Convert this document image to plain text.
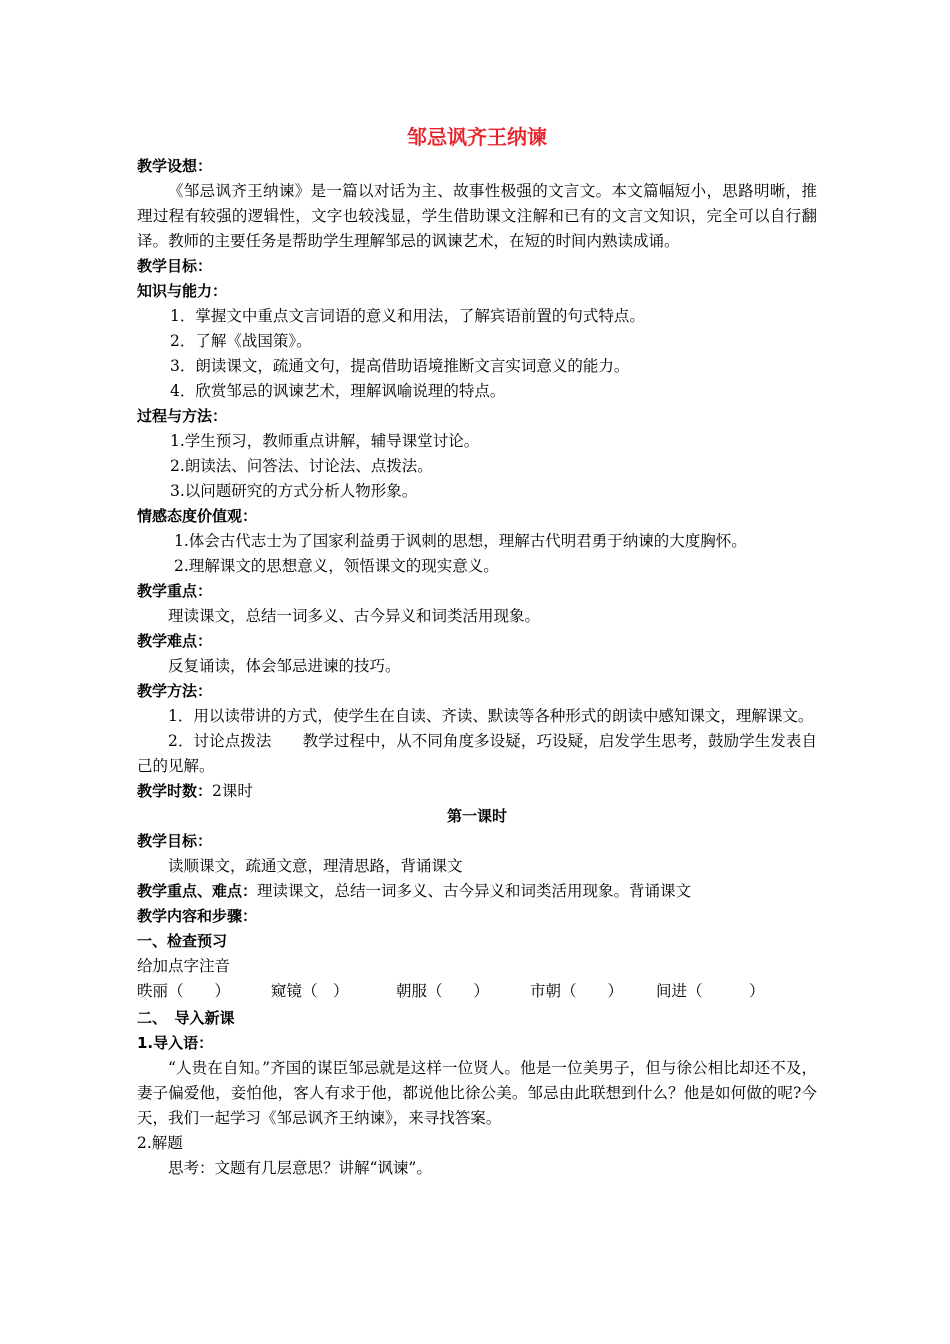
邹忌讽齐王纳谏
教学设想：
《邹忌讽齐王纳谏》是一篇以对话为主、故事性极强的文言文。本文篇幅短小，思路明晰，推理过程有较强的逻辑性，文字也较浅显，学生借助课文注解和已有的文言文知识，完全可以自行翻译。教师的主要任务是帮助学生理解邹忌的讽谏艺术，在短的时间内熟读成诵。
教学目标：
知识与能力：
1．掌握文中重点文言词语的意义和用法，了解宾语前置的句式特点。
2．了解《战国策》。
3．朗读课文，疏通文句，提高借助语境推断文言实词意义的能力。
4．欣赏邹忌的讽谏艺术，理解讽喻说理的特点。
过程与方法：
1.学生预习，教师重点讲解，辅导课堂讨论。
2.朗读法、问答法、讨论法、点拨法。
3.以问题研究的方式分析人物形象。
情感态度价值观：
1.体会古代志士为了国家利益勇于讽刺的思想，理解古代明君勇于纳谏的大度胸怀。
2.理解课文的思想意义，领悟课文的现实意义。
教学重点：
理读课文，总结一词多义、古今异义和词类活用现象。
教学难点：
反复诵读，体会邹忌进谏的技巧。
教学方法：
1．用以读带讲的方式，使学生在自读、齐读、默读等各种形式的朗读中感知课文，理解课文。
2．讨论点拨法　　教学过程中，从不同角度多设疑，巧设疑，启发学生思考，鼓励学生发表自己的见解。
教学时数：2课时
第一课时
教学目标：
读顺课文，疏通文意，理清思路，背诵课文
教学重点、难点：理读课文，总结一词多义、古今异义和词类活用现象。背诵课文
教学内容和步骤：
一、检查预习
给加点字注音
昳丽（　　）	窥镜（　）	朝服（　　）	市朝（　　） 间进（　　　）
二、　导入新课
1.导入语：
“人贵在自知。”齐国的谋臣邹忌就是这样一位贤人。他是一位美男子，但与徐公相比却还不及，妻子偏爱他，妾怕他，客人有求于他，都说他比徐公美。邹忌由此联想到什么？他是如何做的呢?今天，我们一起学习《邹忌讽齐王纳谏》，来寻找答案。
2.解题
思考：文题有几层意思？讲解“讽谏”。
